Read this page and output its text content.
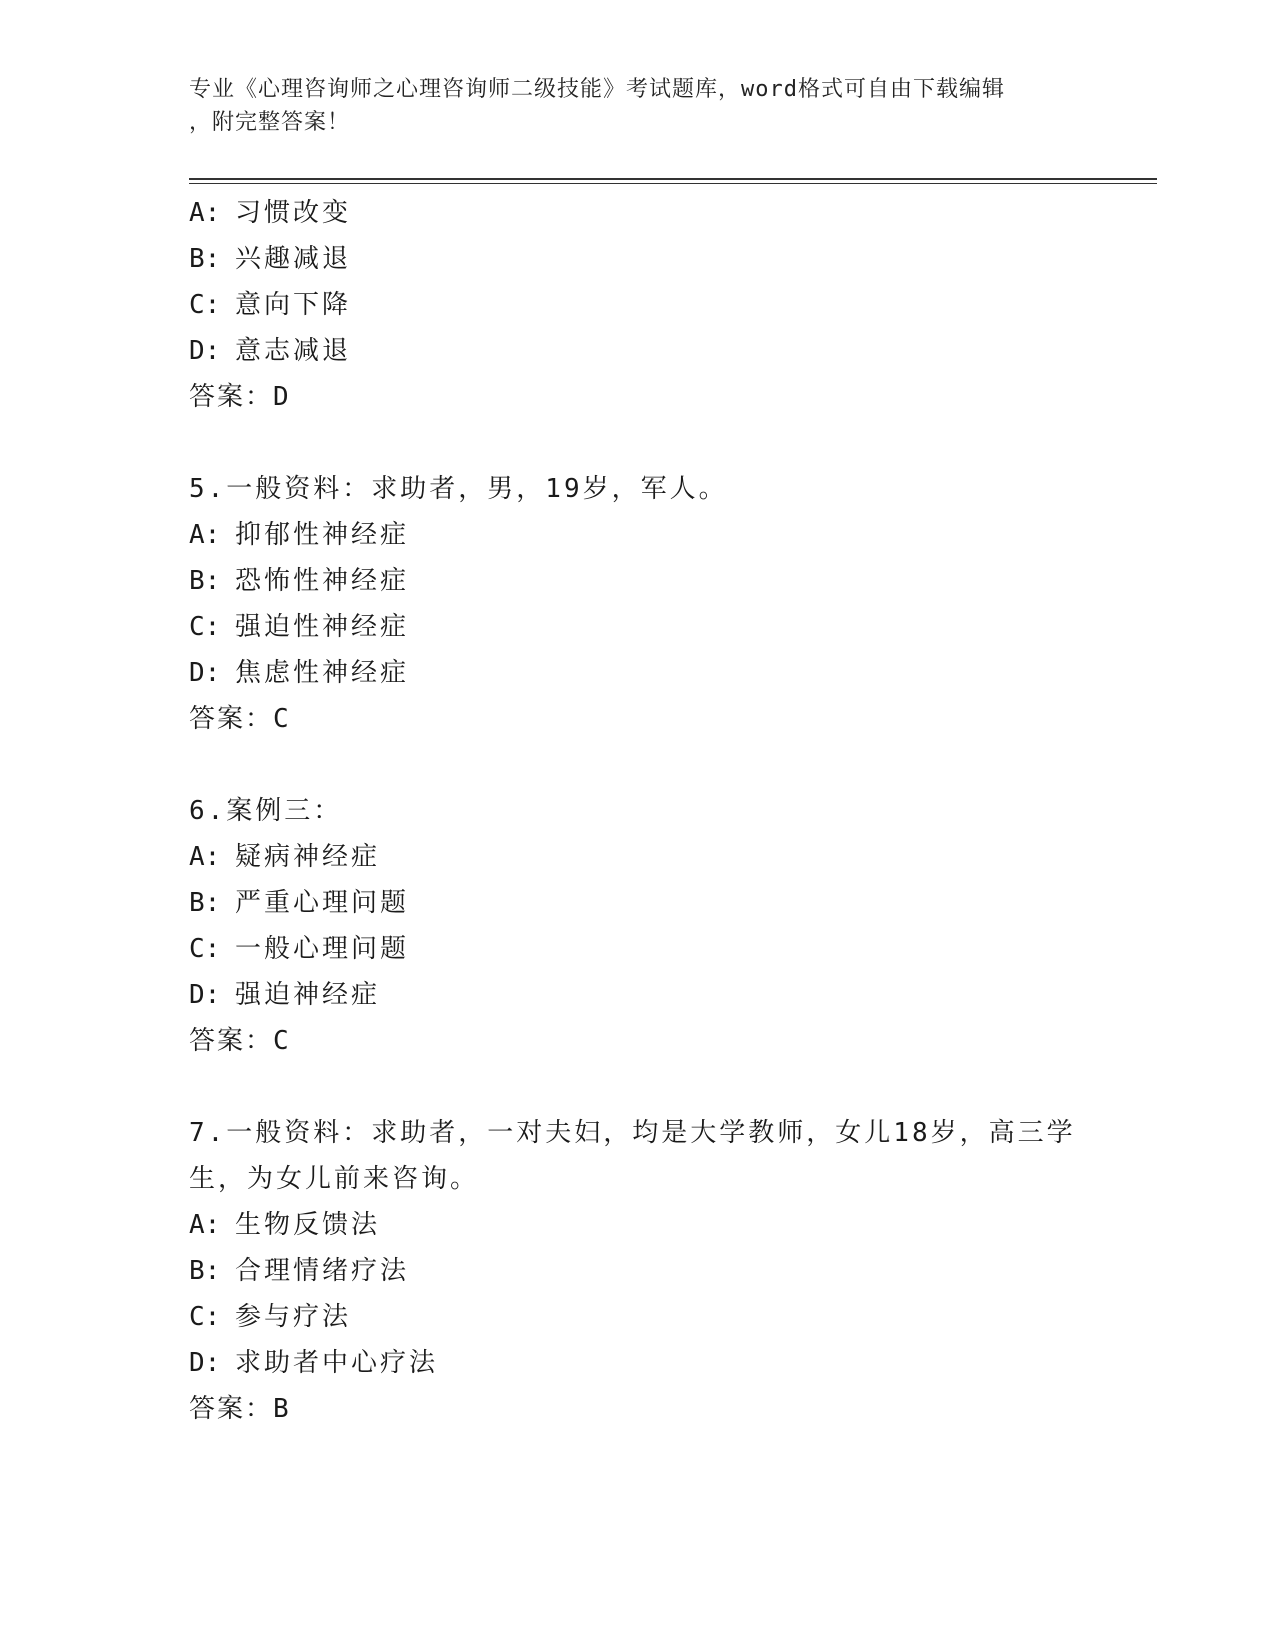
专业《心理咨询师之心理咨询师二级技能》考试题库，word格式可自由下载编辑
，附完整答案！
A: 习惯改变
B: 兴趣减退
C: 意向下降
D: 意志减退
答案：D
5.一般资料：求助者，男，19岁，军人。
A: 抑郁性神经症
B: 恐怖性神经症
C: 强迫性神经症
D: 焦虑性神经症
答案：C
6.案例三：
A: 疑病神经症
B: 严重心理问题
C: 一般心理问题
D: 强迫神经症
答案：C
7.一般资料：求助者，一对夫妇，均是大学教师，女儿18岁，高三学
生，为女儿前来咨询。
A: 生物反馈法
B: 合理情绪疗法
C: 参与疗法
D: 求助者中心疗法
答案：B
